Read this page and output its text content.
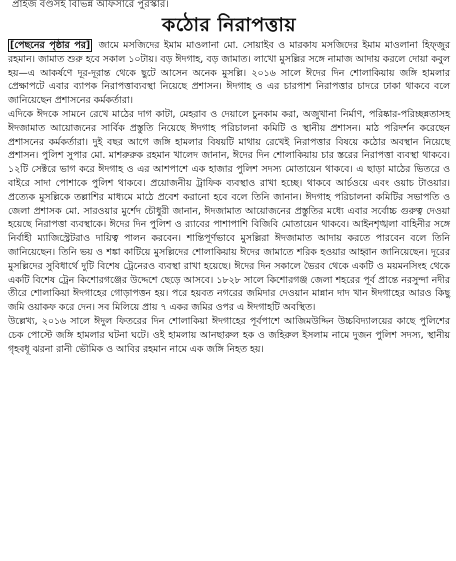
প্রাইজ বণ্ডসহ বিভিন্ন অফিসারে পুরস্কার।
কঠোর নিরাপত্তায়

[পেছনের পৃষ্ঠার পর] জামে মসজিদের ইমাম মাওলানা মো. সোয়াইব ও মারকায মসজিদের ইমাম মাওলানা হিফ্জুর রহমান। জামাত শুরু হবে সকাল ১০টায়। বড় ঈদগাহ, বড় জামাত। লাখো মুসল্লির সঙ্গে নামাজ আদায় করলে দোয়া কবুল হয়—এ আকর্ষণে দূর-দূরান্ত থেকে ছুটে আসেন অনেক মুসল্লি। ২০১৬ সালে ঈদের দিন শোলাকিয়ায় জঙ্গি হামলার প্রেক্ষাপটে এবার ব্যাপক নিরাপত্তাব্যবস্থা নিয়েছে প্রশাসন। ঈদগাহ ও এর চারপাশ নিরাপত্তার চাদরে ঢাকা থাকবে বলে জানিয়েছেন প্রশাসনের কর্মকর্তারা।

এদিকে ঈদকে সামনে রেখে মাঠের দাগ কাটা, মেহরাব ও দেয়ালে চুনকাম করা, অজুখানা নির্মাণ, পরিষ্কার-পরিচ্ছন্নতাসহ ঈদজামাত আয়োজনের সার্বিক প্রস্তুতি নিয়েছে ঈদগাহ পরিচালনা কমিটি ও স্থানীয় প্রশাসন। মাঠ পরিদর্শন করেছেন প্রশাসনের কর্মকর্তারা। দুই বছর আগে জঙ্গি হামলার বিষয়টি মাথায় রেখেই নিরাপত্তার বিষয়ে কঠোর অবস্থান নিয়েছে প্রশাসন। পুলিশ সুপার মো. মাশরুরুক রহমান খালেদ জানান, ঈদের দিন শোলাকিয়ায় চার স্তরের নিরাপত্তা ব্যবস্থা থাকবে। ১২টি সেক্টরে ভাগ করে ঈদগাহ ও এর আশপাশে এক হাজার পুলিশ সদস্য মোতায়েন থাকবে। এ ছাড়া মাঠের ভিতরে ও বাইরে সাদা পোশাকে পুলিশ থাকবে। প্রয়োজনীয় ট্রাফিক ব্যবস্থাও রাখা হচ্ছে। থাকবে আর্চওয়ে এবং ওয়াচ টাওয়ার। প্রত্যেক মুসল্লিকে তল্লাশির মাধ্যমে মাঠে প্রবেশ করানো হবে বলে তিনি জানান। ঈদগাহ পরিচালনা কমিটির সভাপতি ও জেলা প্রশাসক মো. সারওয়ার মুর্শেদ চৌধুরী জানান, ঈদজামাত আয়োজনের প্রস্তুতির মধ্যে এবার সর্বোচ্চ গুরুত্ব দেওয়া হয়েছে নিরাপত্তা ব্যবস্থাকে। ঈদের দিন পুলিশ ও র‍্যাবের পাশাপাশি বিজিবি মোতায়েন থাকবে। আইনশৃঙ্খলা বাহিনীর সঙ্গে নির্বাহী ম্যাজিস্ট্রেটরাও দায়িত্ব পালন করবেন। শান্তিপূর্ণভাবে মুসল্লিরা ঈদজামাত আদায় করতে পারবেন বলে তিনি জানিয়েছেন। তিনি ভয় ও শঙ্কা কাটিয়ে মুসল্লিদের শোলাকিয়ায় ঈদের জামাতে শরিক হওয়ার আহ্বান জানিয়েছেন। দূরের মুসল্লিদের সুবিধার্থে দুটি বিশেষ ট্রেনেরও ব্যবস্থা রাখা হয়েছে। ঈদের দিন সকালে ভৈরব থেকে একটি ও ময়মনসিংহ থেকে একটি বিশেষ ট্রেন কিশোরগঞ্জের উদ্দেশে ছেড়ে আসবে। ১৮২৮ সালে কিশোরগঞ্জ জেলা শহরের পূর্ব প্রান্তে নরসুন্দা নদীর তীরে শোলাকিয়া ঈদগাহের গোড়াপত্তন হয়। পরে হয়বত নগরের জমিদার দেওয়ান মান্নান দাদ খান ঈদগাহের আরও কিছু জমি ওয়াকফ করে দেন। সব মিলিয়ে প্রায় ৭ একর জমির ওপর এ ঈদগাহটি অবস্থিত।

উল্লেখ্য, ২০১৬ সালে ঈদুল ফিতরের দিন শোলাকিয়া ঈদগাহের পূর্বপাশে আজিমউদ্দিন উচ্চবিদ্যালয়ের কাছে পুলিশের চেক পোস্টে জঙ্গি হামলার ঘটনা ঘটে। ওই হামলায় আনছারুল হক ও জহিরুল ইসলাম নামে দুজন পুলিশ সদস্য, স্থানীয় গৃহবধূ ঝরনা রানী ভৌমিক ও আবির রহমান নামে এক জঙ্গি নিহত হয়।
